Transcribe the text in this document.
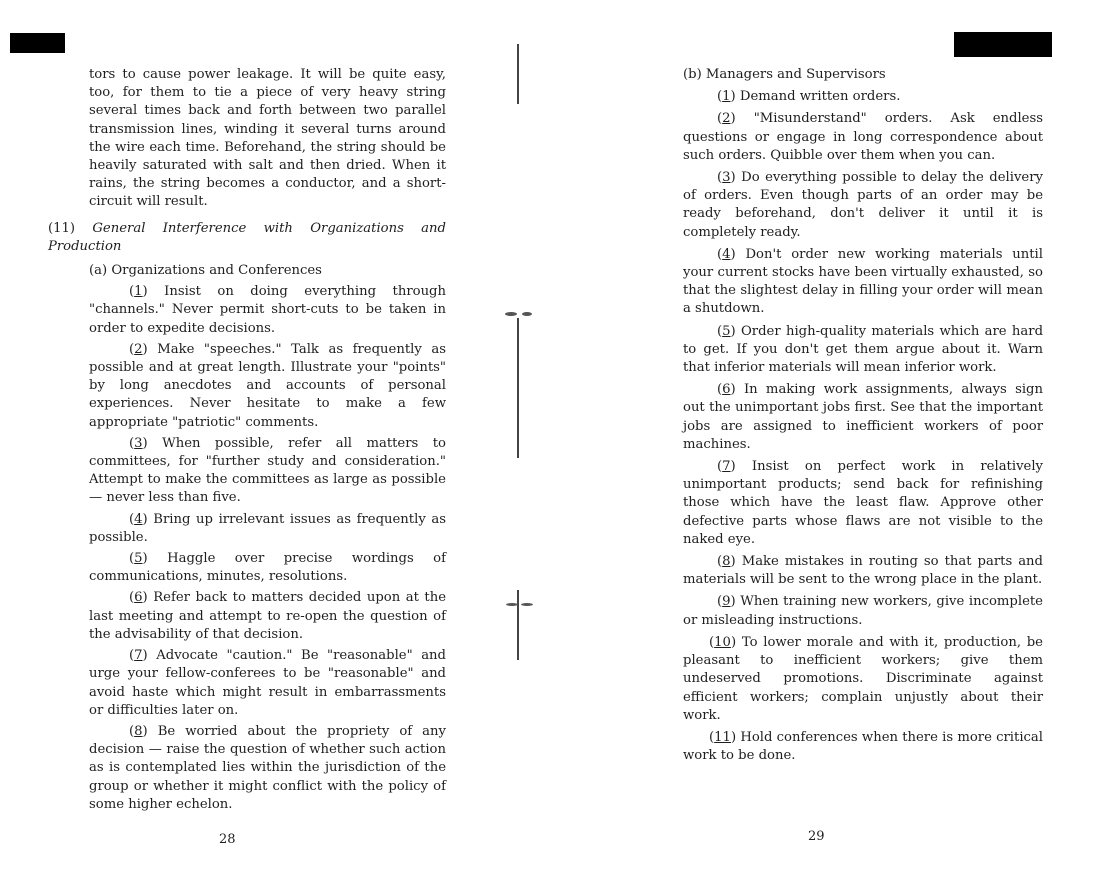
tors to cause power leakage. It will be quite easy, too, for them to tie a piece of very heavy string several times back and forth between two parallel transmission lines, winding it several turns around the wire each time. Beforehand, the string should be heavily saturated with salt and then dried. When it rains, the string becomes a conductor, and a short-circuit will result.

(11) General Interference with Organizations and Production

(a) Organizations and Conferences

(1) Insist on doing everything through "channels." Never permit short-cuts to be taken in order to expedite decisions.

(2) Make "speeches." Talk as frequently as possible and at great length. Illustrate your "points" by long anecdotes and accounts of personal experiences. Never hesitate to make a few appropriate "patriotic" comments.

(3) When possible, refer all matters to committees, for "further study and consideration." Attempt to make the committees as large as possible — never less than five.

(4) Bring up irrelevant issues as frequently as possible.

(5) Haggle over precise wordings of communications, minutes, resolutions.

(6) Refer back to matters decided upon at the last meeting and attempt to re-open the question of the advisability of that decision.

(7) Advocate "caution." Be "reasonable" and urge your fellow-conferees to be "reasonable" and avoid haste which might result in embarrassments or difficulties later on.

(8) Be worried about the propriety of any decision — raise the question of whether such action as is contemplated lies within the jurisdiction of the group or whether it might conflict with the policy of some higher echelon.

28

(b) Managers and Supervisors

(1) Demand written orders.

(2) "Misunderstand" orders. Ask endless questions or engage in long correspondence about such orders. Quibble over them when you can.

(3) Do everything possible to delay the delivery of orders. Even though parts of an order may be ready beforehand, don't deliver it until it is completely ready.

(4) Don't order new working materials until your current stocks have been virtually exhausted, so that the slightest delay in filling your order will mean a shutdown.

(5) Order high-quality materials which are hard to get. If you don't get them argue about it. Warn that inferior materials will mean inferior work.

(6) In making work assignments, always sign out the unimportant jobs first. See that the important jobs are assigned to inefficient workers of poor machines.

(7) Insist on perfect work in relatively unimportant products; send back for refinishing those which have the least flaw. Approve other defective parts whose flaws are not visible to the naked eye.

(8) Make mistakes in routing so that parts and materials will be sent to the wrong place in the plant.

(9) When training new workers, give incomplete or misleading instructions.

(10) To lower morale and with it, production, be pleasant to inefficient workers; give them undeserved promotions. Discriminate against efficient workers; complain unjustly about their work.

(11) Hold conferences when there is more critical work to be done.

29
